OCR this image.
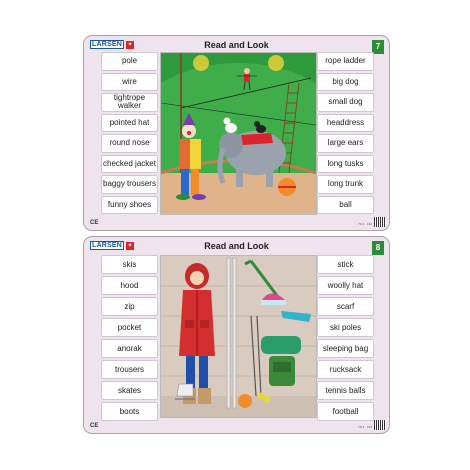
LARSEN ✦	Read and Look	7
pole
wire
tightrope walker
pointed hat
round nose
checked jacket
baggy trousers
funny shoes
rope ladder
big dog
small dog
headdress
large ears
long tusks
long trunk
ball
CE	7K 4 · 132
LARSEN ✦	Read and Look	8
skis
hood
zip
pocket
anorak
trousers
skates
boots
stick
woolly hat
scarf
ski poles
sleeping bag
rucksack
tennis balls
football
CE	7K 4 · 133
